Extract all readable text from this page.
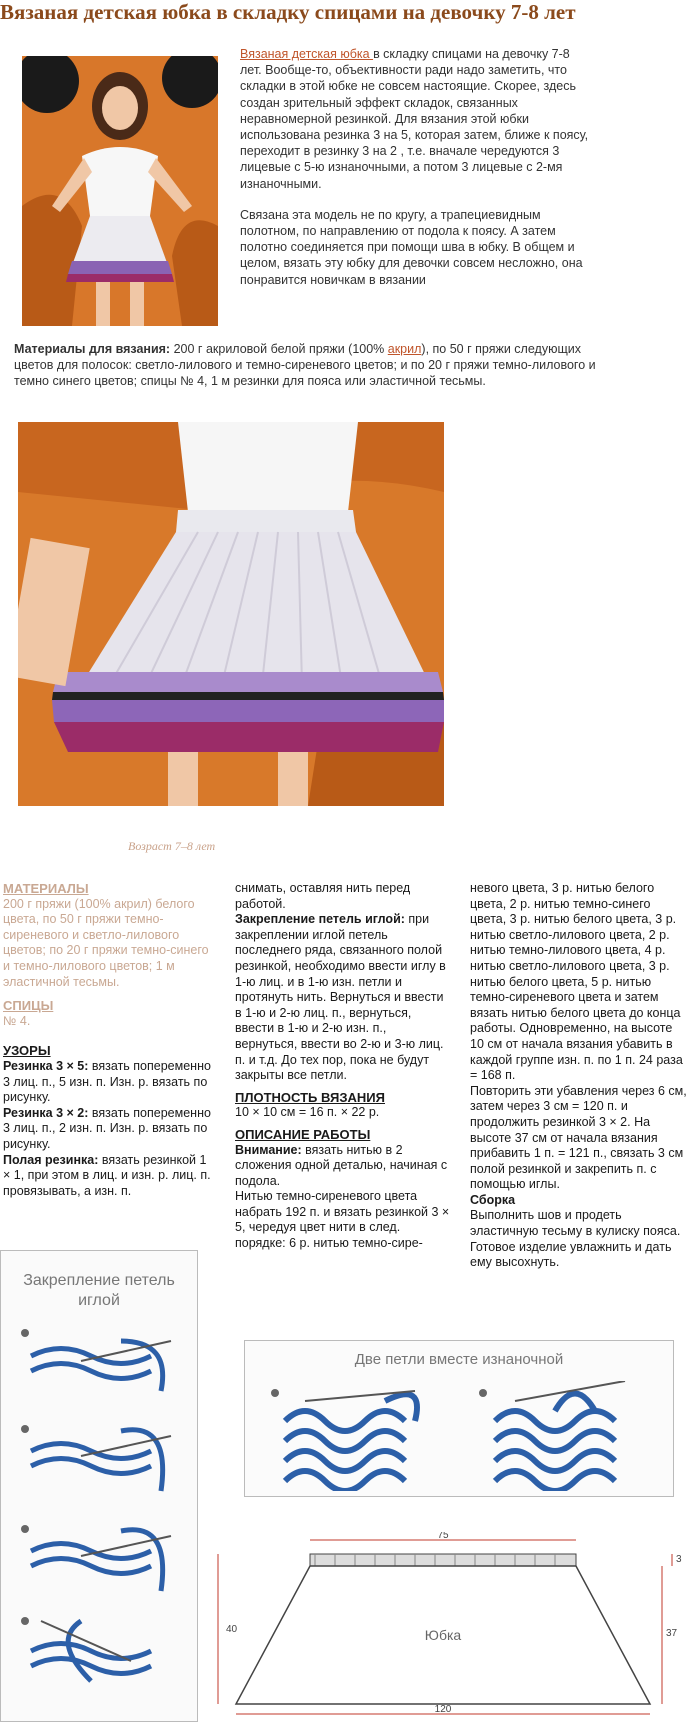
Вязаная детская юбка в складку спицами на девочку 7-8 лет

Вязаная детская юбка в складку спицами на девочку 7-8 лет. Вообще-то, объективности ради надо заметить, что складки в этой юбке не совсем настоящие. Скорее, здесь создан зрительный эффект складок, связанных неравномерной резинкой. Для вязания этой юбки использована резинка 3 на 5, которая затем, ближе к поясу, переходит в резинку 3 на 2 , т.е. вначале чередуются 3 лицевые с 5-ю изнаночными, а потом 3 лицевые с 2-мя изнаночными.

Связана эта модель не по кругу, а трапециевидным полотном, по направлению от подола к поясу. А затем полотно соединяется при помощи шва в юбку. В общем и целом, вязать эту юбку для девочки совсем несложно, она понравится новичкам в вязании

Материалы для вязания: 200 г акриловой белой пряжи (100% акрил), по 50 г пряжи следующих цветов для полосок: светло-лилового и темно-сиреневого цветов; и по 20 г пряжи темно-лилового и темно синего цветов; спицы № 4, 1 м резинки для пояса или эластичной тесьмы.
Возраст 7–8 лет
МАТЕРИАЛЫ
200 г пряжи (100% акрил) белого цвета, по 50 г пряжи темно-сиреневого и светло-лилового цветов; по 20 г пряжи темно-синего и темно-лилового цветов; 1 м эластичной тесьмы.
СПИЦЫ
№ 4.
УЗОРЫ
Резинка 3 × 5: вязать попеременно 3 лиц. п., 5 изн. п. Изн. р. вязать по рисунку.
Резинка 3 × 2: вязать попеременно 3 лиц. п., 2 изн. п. Изн. р. вязать по рисунку.
Полая резинка: вязать резинкой 1 × 1, при этом в лиц. и изн. р. лиц. п. провязывать, а изн. п.
снимать, оставляя нить перед работой.
Закрепление петель иглой: при закреплении иглой петель последнего ряда, связанного полой резинкой, необходимо ввести иглу в 1-ю лиц. и в 1-ю изн. петли и протянуть нить. Вернуться и ввести в 1-ю и 2-ю лиц. п., вернуться, ввести в 1-ю и 2-ю изн. п., вернуться, ввести во 2-ю и 3-ю лиц. п. и т.д. До тех пор, пока не будут закрыты все петли.
ПЛОТНОСТЬ ВЯЗАНИЯ
10 × 10 см = 16 п. × 22 р.
ОПИСАНИЕ РАБОТЫ
Внимание: вязать нитью в 2 сложения одной деталью, начиная с подола.
Нитью темно-сиреневого цвета набрать 192 п. и вязать резинкой 3 × 5, чередуя цвет нити в след. порядке: 6 р. нитью темно-сире-
невого цвета, 3 р. нитью белого цвета, 2 р. нитью темно-синего цвета, 3 р. нитью белого цвета, 3 р. нитью светло-лилового цвета, 2 р. нитью темно-лилового цвета, 4 р. нитью светло-лилового цвета, 3 р. нитью белого цвета, 5 р. нитью темно-сиреневого цвета и затем вязать нитью белого цвета до конца работы. Одновременно, на высоте 10 см от начала вязания убавить в каждой группе изн. п. по 1 п. 24 раза = 168 п.
Повторить эти убавления через 6 см, затем через 3 см = 120 п. и продолжить резинкой 3 × 2. На высоте 37 см от начала вязания прибавить 1 п. = 121 п., связать 3 см полой резинкой и закрепить п. с помощью иглы.
Сборка
Выполнить шов и продеть эластичную тесьму в кулиску пояса. Готовое изделие увлажнить и дать ему высохнуть.
Закрепление петель иглой
Две петли вместе изнаночной
75
120
40	37
3
Юбка
